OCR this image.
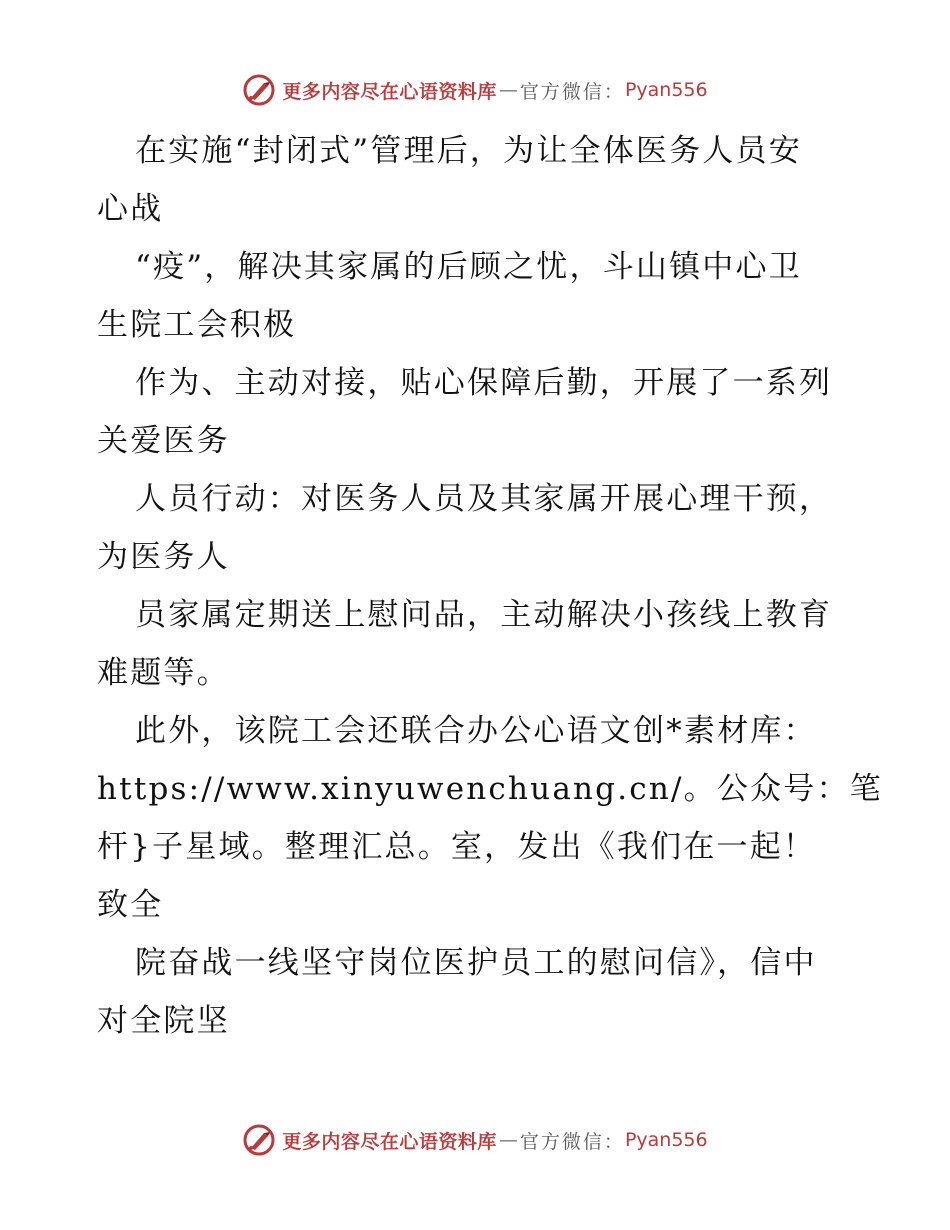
更多内容尽在心语资料库 — 官方微信： Pyan556
在实施“封闭式”管理后，为让全体医务人员安
心战
“疫”，解决其家属的后顾之忧，斗山镇中心卫
生院工会积极
作为、主动对接，贴心保障后勤，开展了一系列
关爱医务
人员行动：对医务人员及其家属开展心理干预，
为医务人
员家属定期送上慰问品，主动解决小孩线上教育
难题等。
此外，该院工会还联合办公心语文创*素材库：
https://www.xinyuwenchuang.cn/。公众号：笔
杆}子星域。整理汇总。室，发出《我们在一起！
致全
院奋战一线坚守岗位医护员工的慰问信》，信中
对全院坚
更多内容尽在心语资料库 — 官方微信： Pyan556
